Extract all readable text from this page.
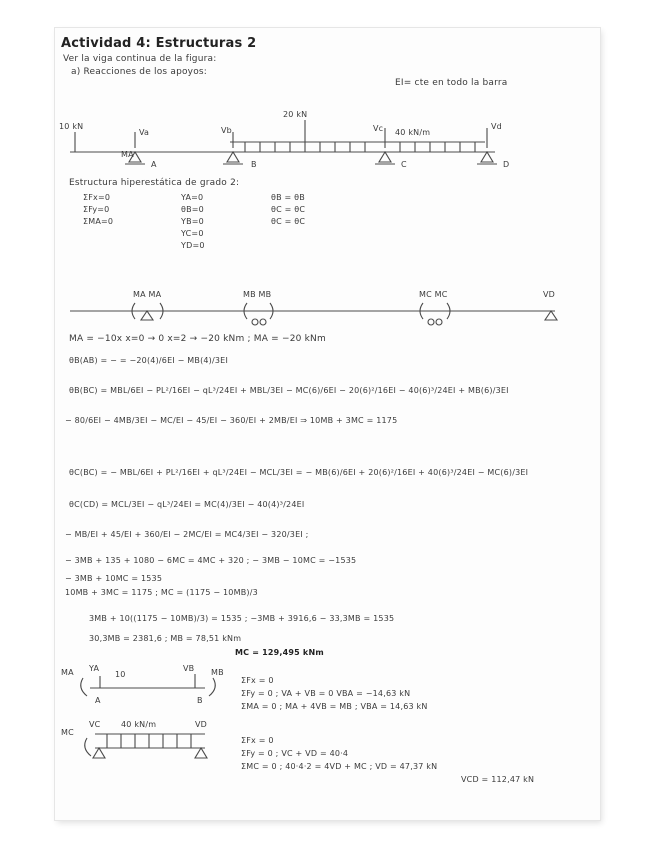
Actividad 4: Estructuras 2
Ver la viga continua de la figura:
a) Reacciones de los apoyos:
EI= cte en todo la barra
10 kN
20 kN
40 kN/m
MA
Va	Vb	Vc	Vd
B	C	D
A
Estructura hiperestática de grado 2:
ΣFx=0
ΣFy=0
ΣMA=0
YA=0
θB=0
YB=0
YC=0
YD=0
θB = θB
θC = θC
θC = θC
MA MA	MB MB	MC MC	VD
MA = −10x x=0 → 0 x=2 → −20 kNm ; MA = −20 kNm
θB(AB) = − = −20(4)/6EI − MB(4)/3EI
θB(BC) = MBL/6EI − PL²/16EI − qL³/24EI + MBL/3EI − MC(6)/6EI − 20(6)²/16EI − 40(6)³/24EI + MB(6)/3EI
− 80/6EI − 4MB/3EI − MC/EI − 45/EI − 360/EI + 2MB/EI ⇒ 10MB + 3MC = 1175
θC(BC) = − MBL/6EI + PL²/16EI + qL³/24EI − MCL/3EI = − MB(6)/6EI + 20(6)²/16EI + 40(6)³/24EI − MC(6)/3EI
θC(CD) = MCL/3EI − qL³/24EI = MC(4)/3EI − 40(4)³/24EI
− MB/EI + 45/EI + 360/EI − 2MC/EI = MC4/3EI − 320/3EI ;
− 3MB + 135 + 1080 − 6MC = 4MC + 320 ; − 3MB − 10MC = −1535
− 3MB + 10MC = 1535
10MB + 3MC = 1175 ; MC = (1175 − 10MB)/3
3MB + 10((1175 − 10MB)/3) = 1535 ; −3MB + 3916,6 − 33,3MB = 1535
30,3MB = 2381,6 ; MB = 78,51 kNm
MC = 129,495 kNm
MA YA
10
VB MB
A	B
ΣFx = 0
ΣFy = 0 ; VA + VB = 0 VBA = −14,63 kN
ΣMA = 0 ; MA + 4VB = MB ; VBA = 14,63 kN
MC
VC	40 kN/m	VD
ΣFx = 0
ΣFy = 0 ; VC + VD = 40·4
ΣMC = 0 ; 40·4·2 = 4VD + MC ; VD = 47,37 kN
VCD = 112,47 kN
